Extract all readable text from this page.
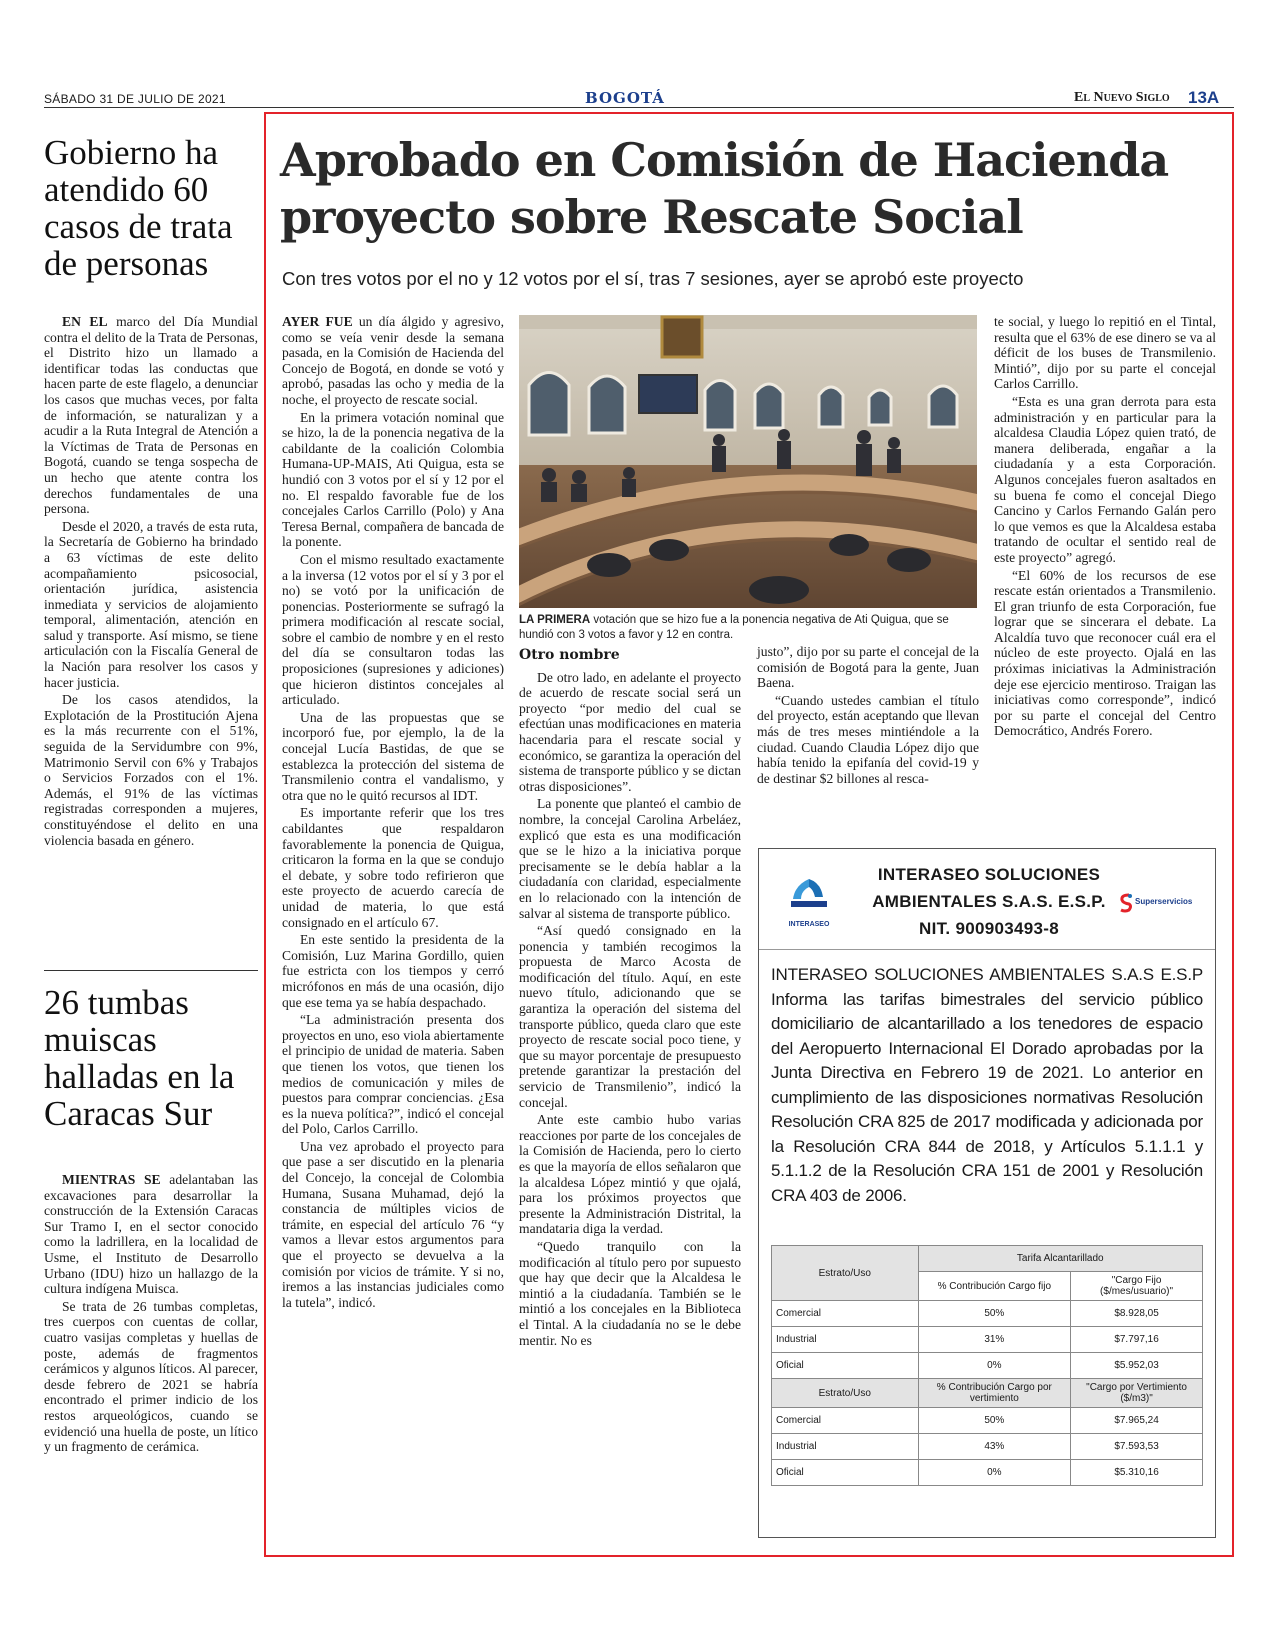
SÁBADO 31 DE JULIO DE 2021	BOGOTÁ	El Nuevo Siglo 13A
Gobierno ha atendido 60 casos de trata de personas

EN EL marco del Día Mundial contra el delito de la Trata de Personas, el Distrito hizo un llamado a identificar todas las conductas que hacen parte de este flagelo, a denunciar los casos que muchas veces, por falta de información, se naturalizan y a acudir a la Ruta Integral de Atención a la Víctimas de Trata de Personas en Bogotá, cuando se tenga sospecha de un hecho que atente contra los derechos fundamentales de una persona.

Desde el 2020, a través de esta ruta, la Secretaría de Gobierno ha brindado a 63 víctimas de este delito acompañamiento psicosocial, orientación jurídica, asistencia inmediata y servicios de alojamiento temporal, alimentación, atención en salud y transporte. Así mismo, se tiene articulación con la Fiscalía General de la Nación para resolver los casos y hacer justicia.

De los casos atendidos, la Explotación de la Prostitución Ajena es la más recurrente con el 51%, seguida de la Servidumbre con 9%, Matrimonio Servil con 6% y Trabajos o Servicios Forzados con el 1%. Además, el 91% de las víctimas registradas corresponden a mujeres, constituyéndose el delito en una violencia basada en género.

26 tumbas muiscas halladas en la Caracas Sur

MIENTRAS SE adelantaban las excavaciones para desarrollar la construcción de la Extensión Caracas Sur Tramo I, en el sector conocido como la ladrillera, en la localidad de Usme, el Instituto de Desarrollo Urbano (IDU) hizo un hallazgo de la cultura indígena Muisca.

Se trata de 26 tumbas completas, tres cuerpos con cuentas de collar, cuatro vasijas completas y huellas de poste, además de fragmentos cerámicos y algunos líticos. Al parecer, desde febrero de 2021 se habría encontrado el primer indicio de los restos arqueológicos, cuando se evidenció una huella de poste, un lítico y un fragmento de cerámica.

Aprobado en Comisión de Hacienda proyecto sobre Rescate Social
Con tres votos por el no y 12 votos por el sí, tras 7 sesiones, ayer se aprobó este proyecto

AYER FUE un día álgido y agresivo, como se veía venir desde la semana pasada, en la Comisión de Hacienda del Concejo de Bogotá, en donde se votó y aprobó, pasadas las ocho y media de la noche, el proyecto de rescate social.

En la primera votación nominal que se hizo, la de la ponencia negativa de la cabildante de la coalición Colombia Humana-UP-MAIS, Ati Quigua, esta se hundió con 3 votos por el sí y 12 por el no. El respaldo favorable fue de los concejales Carlos Carrillo (Polo) y Ana Teresa Bernal, compañera de bancada de la ponente.

Con el mismo resultado exactamente a la inversa (12 votos por el sí y 3 por el no) se votó por la unificación de ponencias. Posteriormente se sufragó la primera modificación al rescate social, sobre el cambio de nombre y en el resto del día se consultaron todas las proposiciones (supresiones y adiciones) que hicieron distintos concejales al articulado.

Una de las propuestas que se incorporó fue, por ejemplo, la de la concejal Lucía Bastidas, de que se establezca la protección del sistema de Transmilenio contra el vandalismo, y otra que no le quitó recursos al IDT.

Es importante referir que los tres cabildantes que respaldaron favorablemente la ponencia de Quigua, criticaron la forma en la que se condujo el debate, y sobre todo refirieron que este proyecto de acuerdo carecía de unidad de materia, lo que está consignado en el artículo 67.

En este sentido la presidenta de la Comisión, Luz Marina Gordillo, quien fue estricta con los tiempos y cerró micrófonos en más de una ocasión, dijo que ese tema ya se había despachado.

“La administración presenta dos proyectos en uno, eso viola abiertamente el principio de unidad de materia. Saben que tienen los votos, que tienen los medios de comunicación y miles de puestos para comprar conciencias. ¿Esa es la nueva política?”, indicó el concejal del Polo, Carlos Carrillo.

Una vez aprobado el proyecto para que pase a ser discutido en la plenaria del Concejo, la concejal de Colombia Humana, Susana Muhamad, dejó la constancia de múltiples vicios de trámite, en especial del artículo 76 “y vamos a llevar estos argumentos para que el proyecto se devuelva a la comisión por vicios de trámite. Y si no, iremos a las instancias judiciales como la tutela”, indicó.

LA PRIMERA votación que se hizo fue a la ponencia negativa de Ati Quigua, que se hundió con 3 votos a favor y 12 en contra.
Otro nombre

De otro lado, en adelante el proyecto de acuerdo de rescate social será un proyecto “por medio del cual se efectúan unas modificaciones en materia hacendaria para el rescate social y económico, se garantiza la operación del sistema de transporte público y se dictan otras disposiciones”.

La ponente que planteó el cambio de nombre, la concejal Carolina Arbeláez, explicó que esta es una modificación que se le hizo a la iniciativa porque precisamente se le debía hablar a la ciudadanía con claridad, especialmente en lo relacionado con la intención de salvar al sistema de transporte público.

“Así quedó consignado en la ponencia y también recogimos la propuesta de Marco Acosta de modificación del título. Aquí, en este nuevo título, adicionando que se garantiza la operación del sistema del transporte público, queda claro que este proyecto de rescate social poco tiene, y que su mayor porcentaje de presupuesto pretende garantizar la prestación del servicio de Transmilenio”, indicó la concejal.

Ante este cambio hubo varias reacciones por parte de los concejales de la Comisión de Hacienda, pero lo cierto es que la mayoría de ellos señalaron que la alcaldesa López mintió y que ojalá, para los próximos proyectos que presente la Administración Distrital, la mandataria diga la verdad.

“Quedo tranquilo con la modificación al título pero por supuesto que hay que decir que la Alcaldesa le mintió a la ciudadanía. También se le mintió a los concejales en la Biblioteca el Tintal. A la ciudadanía no se le debe mentir. No es

justo”, dijo por su parte el concejal de la comisión de Bogotá para la gente, Juan Baena.

“Cuando ustedes cambian el título del proyecto, están aceptando que llevan más de tres meses mintiéndole a la ciudad. Cuando Claudia López dijo que había tenido la epifanía del covid-19 y de destinar $2 billones al resca-

te social, y luego lo repitió en el Tintal, resulta que el 63% de ese dinero se va al déficit de los buses de Transmilenio. Mintió”, dijo por su parte el concejal Carlos Carrillo.

“Esta es una gran derrota para esta administración y en particular para la alcaldesa Claudia López quien trató, de manera deliberada, engañar a la ciudadanía y a esta Corporación. Algunos concejales fueron asaltados en su buena fe como el concejal Diego Cancino y Carlos Fernando Galán pero lo que vemos es que la Alcaldesa estaba tratando de ocultar el sentido real de este proyecto” agregó.

“El 60% de los recursos de ese rescate están orientados a Transmilenio. El gran triunfo de esta Corporación, fue lograr que se sincerara el debate. La Alcaldía tuvo que reconocer cuál era el núcleo de este proyecto. Ojalá en las próximas iniciativas la Administración deje ese ejercicio mentiroso. Traigan las iniciativas como corresponde”, indicó por su parte el concejal del Centro Democrático, Andrés Forero.

INTERASEO
INTERASEO SOLUCIONES
AMBIENTALES S.A.S. E.S.P.
NIT. 900903493-8
Superservicios
INTERASEO SOLUCIONES AMBIENTALES S.A.S E.S.P Informa las tarifas bimestrales del servicio público domiciliario de alcantarillado a los tenedores de espacio del Aeropuerto Internacional El Dorado aprobadas por la Junta Directiva en Febrero 19 de 2021. Lo anterior en cumplimiento de las disposiciones normativas Resolución Resolución CRA 825 de 2017 modificada y adicionada por la Resolución CRA 844 de 2018, y Artículos 5.1.1.1 y 5.1.1.2 de la Resolución CRA 151 de 2001 y Resolución CRA 403 de 2006.
Estrato/Uso	Tarifa Alcantarillado	
	% Contribución Cargo fijo	"Cargo Fijo ($/mes/usuario)"
Comercial	50%	$8.928,05
Industrial	31%	$7.797,16
Oficial	0%	$5.952,03
Estrato/Uso	% Contribución Cargo por vertimiento	"Cargo por Vertimiento ($/m3)"
Comercial	50%	$7.965,24
Industrial	43%	$7.593,53
Oficial	0%	$5.310,16
